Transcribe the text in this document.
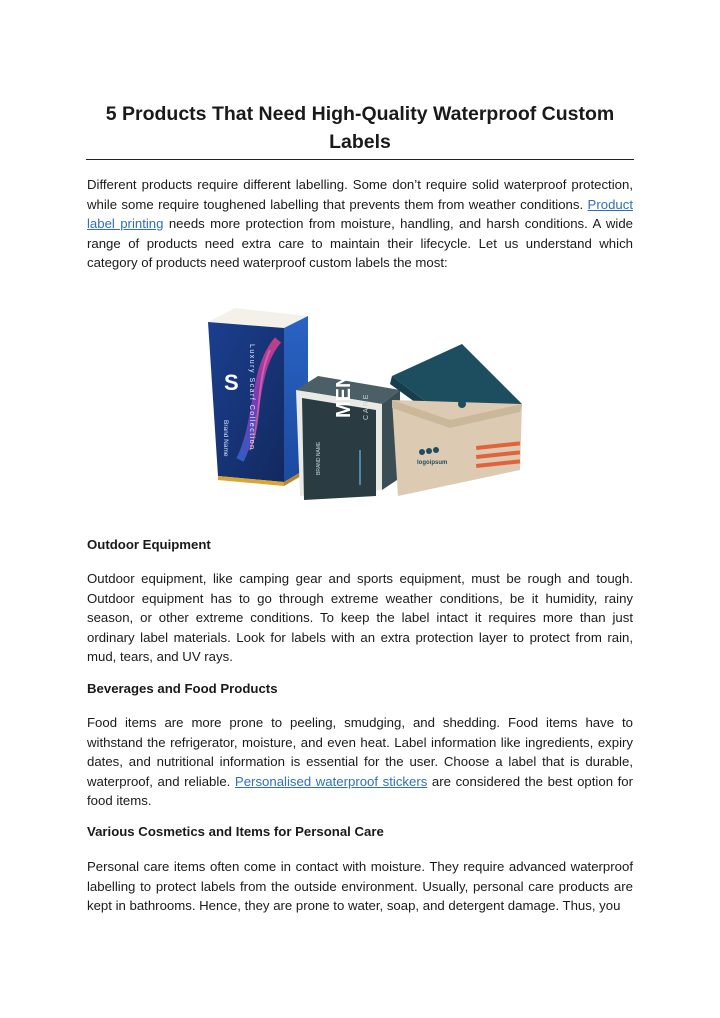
5 Products That Need High-Quality Waterproof Custom Labels

Different products require different labelling. Some don’t require solid waterproof protection, while some require toughened labelling that prevents them from weather conditions. Product label printing needs more protection from moisture, handling, and harsh conditions. A wide range of products need extra care to maintain their lifecycle. Let us understand which category of products need waterproof custom labels the most:

S
Brand Name	Luxury Scarf Collection	MEN CARE
BRAND NAME	logoipsum

Outdoor Equipment

Outdoor equipment, like camping gear and sports equipment, must be rough and tough. Outdoor equipment has to go through extreme weather conditions, be it humidity, rainy season, or other extreme conditions. To keep the label intact it requires more than just ordinary label materials. Look for labels with an extra protection layer to protect from rain, mud, tears, and UV rays.

Beverages and Food Products

Food items are more prone to peeling, smudging, and shedding. Food items have to withstand the refrigerator, moisture, and even heat. Label information like ingredients, expiry dates, and nutritional information is essential for the user. Choose a label that is durable, waterproof, and reliable. Personalised waterproof stickers are considered the best option for food items.

Various Cosmetics and Items for Personal Care

Personal care items often come in contact with moisture. They require advanced waterproof labelling to protect labels from the outside environment. Usually, personal care products are kept in bathrooms. Hence, they are prone to water, soap, and detergent damage. Thus, you
